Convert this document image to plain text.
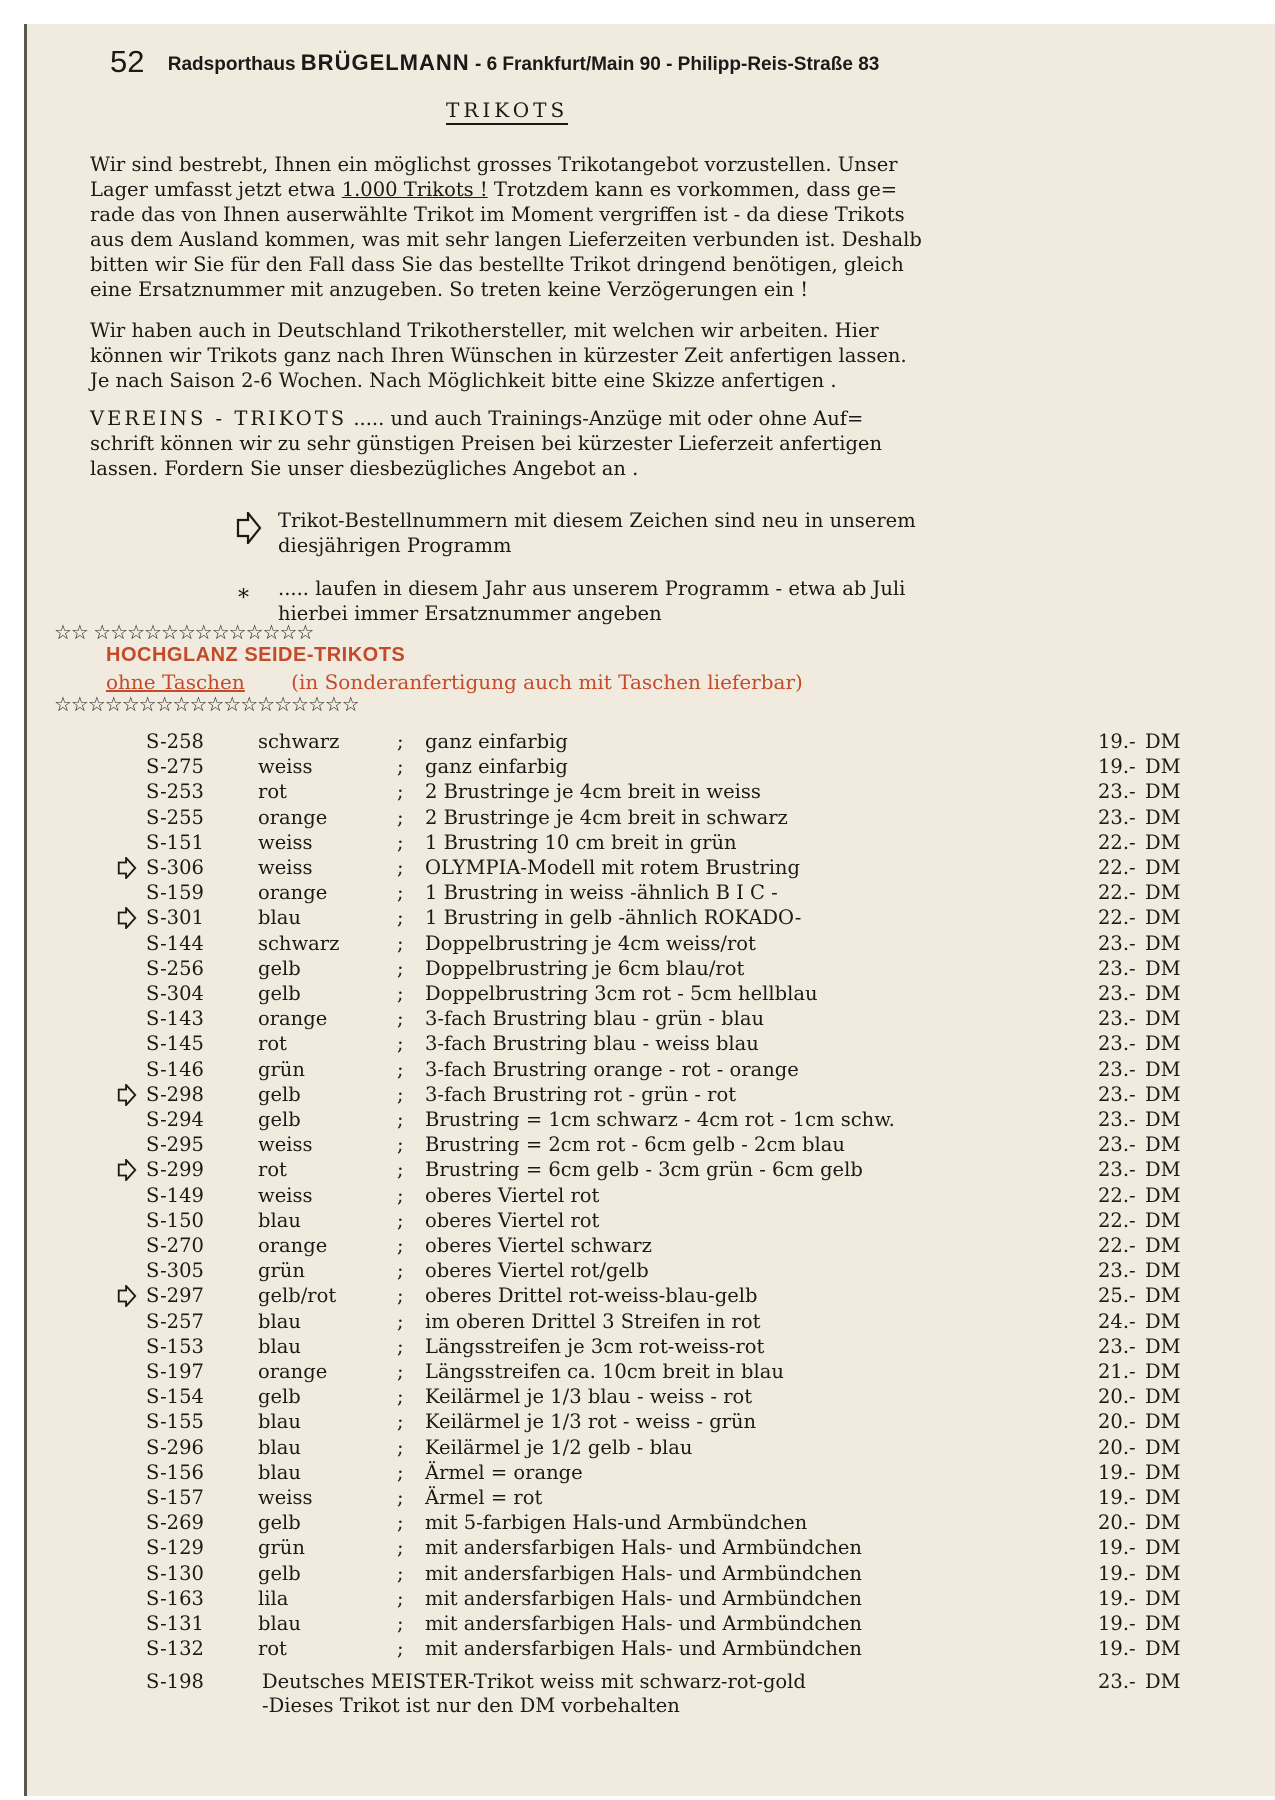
52 Radsporthaus BRÜGELMANN - 6 Frankfurt/Main 90 - Philipp-Reis-Straße 83
TRIKOTS

Wir sind bestrebt, Ihnen ein möglichst grosses Trikotangebot vorzustellen. Unser
Lager umfasst jetzt etwa 1.000 Trikots ! Trotzdem kann es vorkommen, dass ge=
rade das von Ihnen auserwählte Trikot im Moment vergriffen ist - da diese Trikots
aus dem Ausland kommen, was mit sehr langen Lieferzeiten verbunden ist. Deshalb
bitten wir Sie für den Fall dass Sie das bestellte Trikot dringend benötigen, gleich
eine Ersatznummer mit anzugeben. So treten keine Verzögerungen ein !

Wir haben auch in Deutschland Trikothersteller, mit welchen wir arbeiten. Hier
können wir Trikots ganz nach Ihren Wünschen in kürzester Zeit anfertigen lassen.
Je nach Saison 2-6 Wochen. Nach Möglichkeit bitte eine Skizze anfertigen .

VEREINS - TRIKOTS ..... und auch Trainings-Anzüge mit oder ohne Auf=
schrift können wir zu sehr günstigen Preisen bei kürzester Lieferzeit anfertigen
lassen. Fordern Sie unser diesbezügliches Angebot an .

Trikot-Bestellnummern mit diesem Zeichen sind neu in unserem
diesjährigen Programm
* ..... laufen in diesem Jahr aus unserem Programm - etwa ab Juli
hierbei immer Ersatznummer angeben
☆☆ ☆☆☆☆☆☆☆☆☆☆☆☆☆
HOCHGLANZ SEIDE-TRIKOTS
ohne Taschen (in Sonderanfertigung auch mit Taschen lieferbar)
☆☆☆☆☆☆☆☆☆☆☆☆☆☆☆☆☆☆
S-258	schwarz	; ganz einfarbig	19.- DM
S-275	weiss	; ganz einfarbig	19.- DM
S-253	rot	; 2 Brustringe je 4cm breit in weiss	23.- DM
S-255	orange	; 2 Brustringe je 4cm breit in schwarz	23.- DM
S-151	weiss	; 1 Brustring 10 cm breit in grün	22.- DM
S-306	weiss	; OLYMPIA-Modell mit rotem Brustring	22.- DM
S-159	orange	; 1 Brustring in weiss -ähnlich B I C -	22.- DM
S-301	blau	; 1 Brustring in gelb -ähnlich ROKADO-	22.- DM
S-144	schwarz	; Doppelbrustring je 4cm weiss/rot	23.- DM
S-256	gelb	; Doppelbrustring je 6cm blau/rot	23.- DM
S-304	gelb	; Doppelbrustring 3cm rot - 5cm hellblau	23.- DM
S-143	orange	; 3-fach Brustring blau - grün - blau	23.- DM
S-145	rot	; 3-fach Brustring blau - weiss blau	23.- DM
S-146	grün	; 3-fach Brustring orange - rot - orange	23.- DM
S-298	gelb	; 3-fach Brustring rot - grün - rot	23.- DM
S-294	gelb	; Brustring = 1cm schwarz - 4cm rot - 1cm schw.	23.- DM
S-295	weiss	; Brustring = 2cm rot - 6cm gelb - 2cm blau	23.- DM
S-299	rot	; Brustring = 6cm gelb - 3cm grün - 6cm gelb	23.- DM
S-149	weiss	; oberes Viertel rot	22.- DM
S-150	blau	; oberes Viertel rot	22.- DM
S-270	orange	; oberes Viertel schwarz	22.- DM
S-305	grün	; oberes Viertel rot/gelb	23.- DM
S-297	gelb/rot	; oberes Drittel rot-weiss-blau-gelb	25.- DM
S-257	blau	; im oberen Drittel 3 Streifen in rot	24.- DM
S-153	blau	; Längsstreifen je 3cm rot-weiss-rot	23.- DM
S-197	orange	; Längsstreifen ca. 10cm breit in blau	21.- DM
S-154	gelb	; Keilärmel je 1/3 blau - weiss - rot	20.- DM
S-155	blau	; Keilärmel je 1/3 rot - weiss - grün	20.- DM
S-296	blau	; Keilärmel je 1/2 gelb - blau	20.- DM
S-156	blau	; Ärmel = orange	19.- DM
S-157	weiss	; Ärmel = rot	19.- DM
S-269	gelb	; mit 5-farbigen Hals-und Armbündchen	20.- DM
S-129	grün	; mit andersfarbigen Hals- und Armbündchen	19.- DM
S-130	gelb	; mit andersfarbigen Hals- und Armbündchen	19.- DM
S-163	lila	; mit andersfarbigen Hals- und Armbündchen	19.- DM
S-131	blau	; mit andersfarbigen Hals- und Armbündchen	19.- DM
S-132	rot	; mit andersfarbigen Hals- und Armbündchen	19.- DM
S-198	Deutsches MEISTER-Trikot weiss mit schwarz-rot-gold	23.- DM
-Dieses Trikot ist nur den DM vorbehalten
